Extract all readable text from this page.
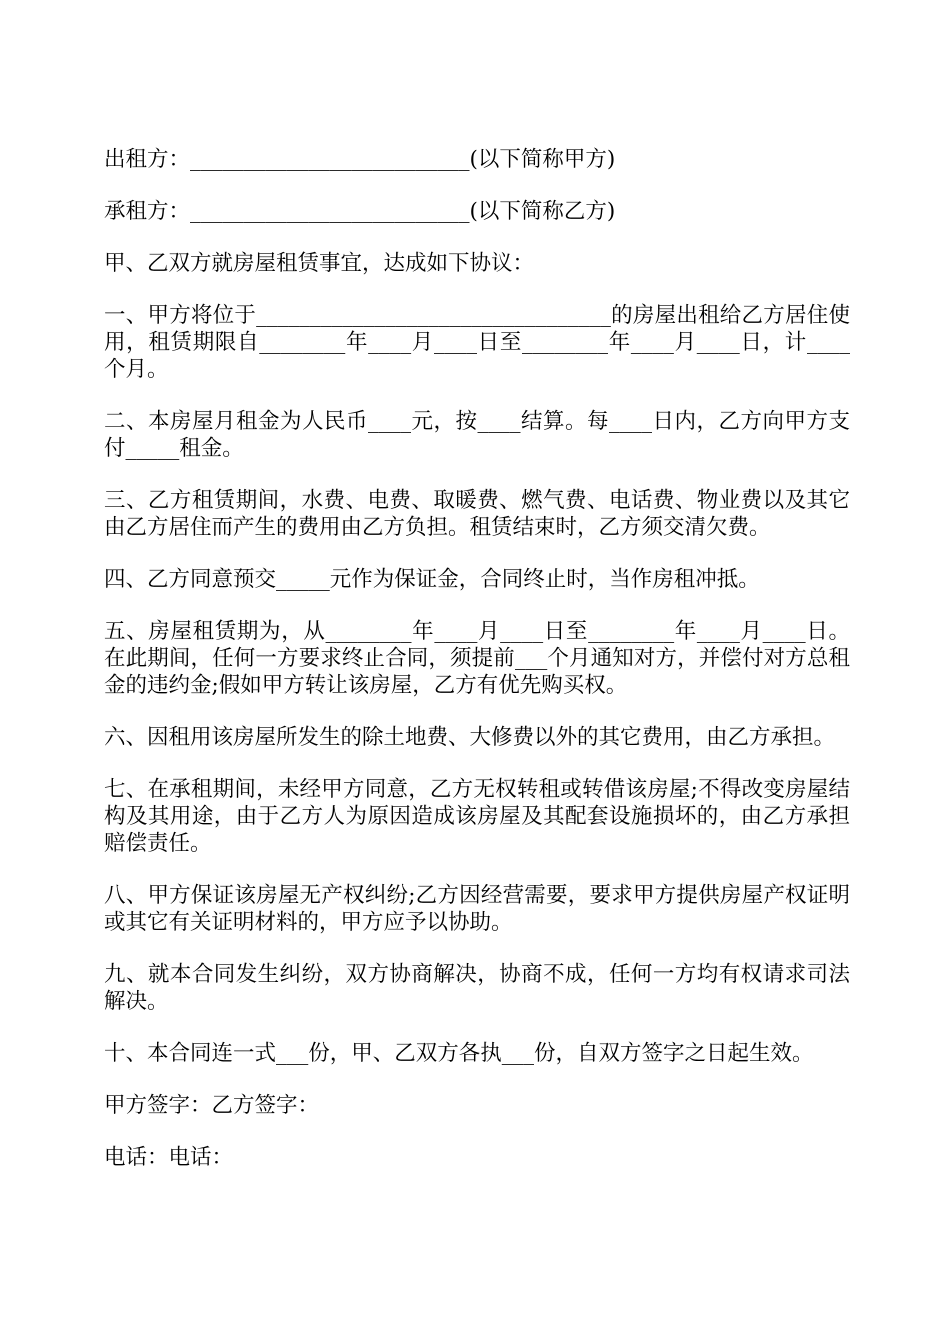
出租方：__________________________(以下简称甲方)

承租方：__________________________(以下简称乙方)

甲、乙双方就房屋租赁事宜，达成如下协议：

一、甲方将位于_________________________________的房屋出租给乙方居住使用，租赁期限自________年____月____日至________年____月____日，计____个月。

二、本房屋月租金为人民币____元，按____结算。每____日内，乙方向甲方支付_____租金。

三、乙方租赁期间，水费、电费、取暖费、燃气费、电话费、物业费以及其它由乙方居住而产生的费用由乙方负担。租赁结束时，乙方须交清欠费。

四、乙方同意预交_____元作为保证金，合同终止时，当作房租冲抵。

五、房屋租赁期为，从________年____月____日至________年____月____日。在此期间，任何一方要求终止合同，须提前___个月通知对方，并偿付对方总租金的违约金;假如甲方转让该房屋，乙方有优先购买权。

六、因租用该房屋所发生的除土地费、大修费以外的其它费用，由乙方承担。

七、在承租期间，未经甲方同意，乙方无权转租或转借该房屋;不得改变房屋结构及其用途，由于乙方人为原因造成该房屋及其配套设施损坏的，由乙方承担赔偿责任。

八、甲方保证该房屋无产权纠纷;乙方因经营需要，要求甲方提供房屋产权证明或其它有关证明材料的，甲方应予以协助。

九、就本合同发生纠纷，双方协商解决，协商不成，任何一方均有权请求司法解决。

十、本合同连一式___份，甲、乙双方各执___份，自双方签字之日起生效。

甲方签字：乙方签字：

电话：电话：
